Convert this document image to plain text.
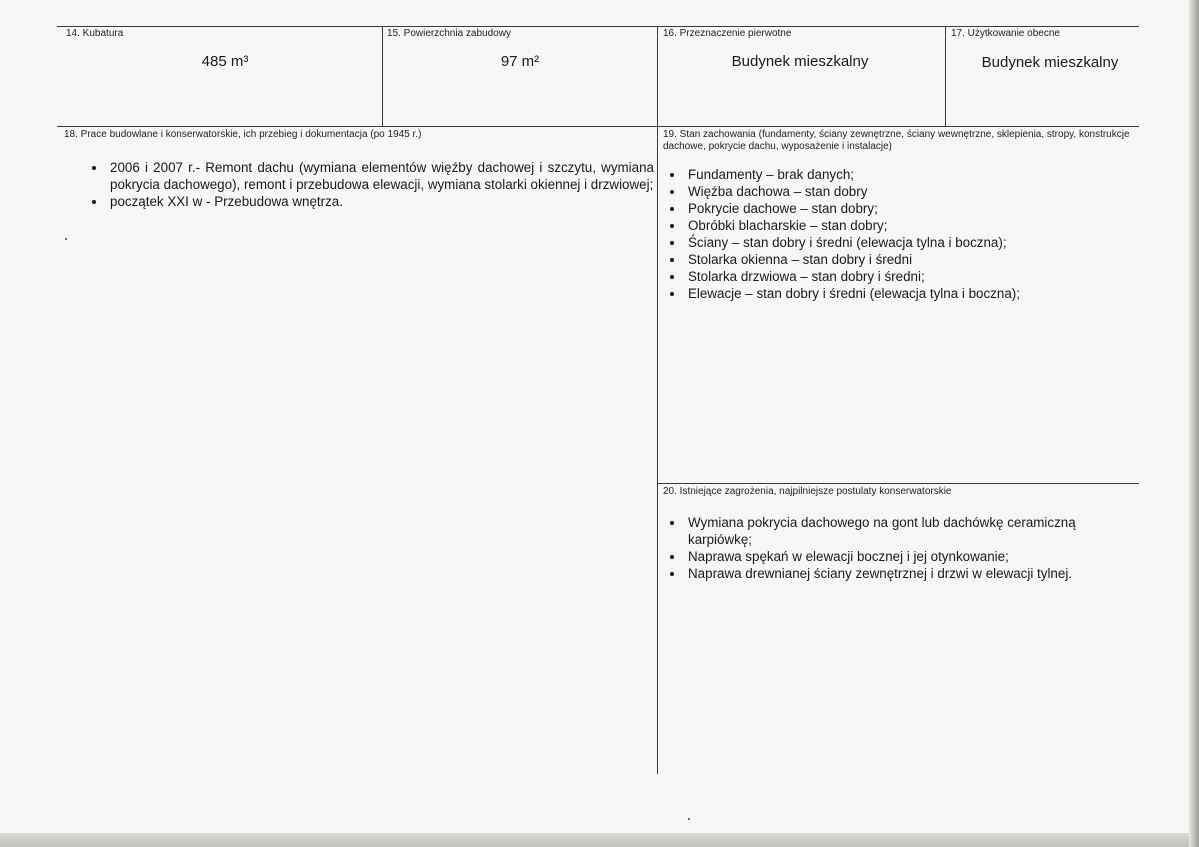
14. Kubatura
485 m³
15. Powierzchnia zabudowy
97 m²
16. Przeznaczenie pierwotne
Budynek mieszkalny
17. Użytkowanie obecne
Budynek mieszkalny
18. Prace budowlane i konserwatorskie, ich przebieg i dokumentacja (po 1945 r.)
2006 i 2007 r.- Remont dachu (wymiana elementów więźby dachowej i szczytu, wymiana pokrycia dachowego), remont i przebudowa elewacji, wymiana stolarki okiennej i drzwiowej;
początek XXI w - Przebudowa wnętrza.
19. Stan zachowania (fundamenty, ściany zewnętrzne, ściany wewnętrzne, sklepienia, stropy, konstrukcje dachowe, pokrycie dachu, wyposażenie i instalacje)
Fundamenty – brak danych;
Więźba dachowa – stan dobry
Pokrycie dachowe – stan dobry;
Obróbki blacharskie – stan dobry;
Ściany – stan dobry i średni (elewacja tylna i boczna);
Stolarka okienna – stan dobry i średni
Stolarka drzwiowa – stan dobry i średni;
Elewacje – stan dobry i średni (elewacja tylna i boczna);
20. Istniejące zagrożenia, najpilniejsze postulaty konserwatorskie
Wymiana pokrycia dachowego na gont lub dachówkę ceramiczną karpiówkę;
Naprawa spękań w elewacji bocznej i jej otynkowanie;
Naprawa drewnianej ściany zewnętrznej i drzwi w elewacji tylnej.
